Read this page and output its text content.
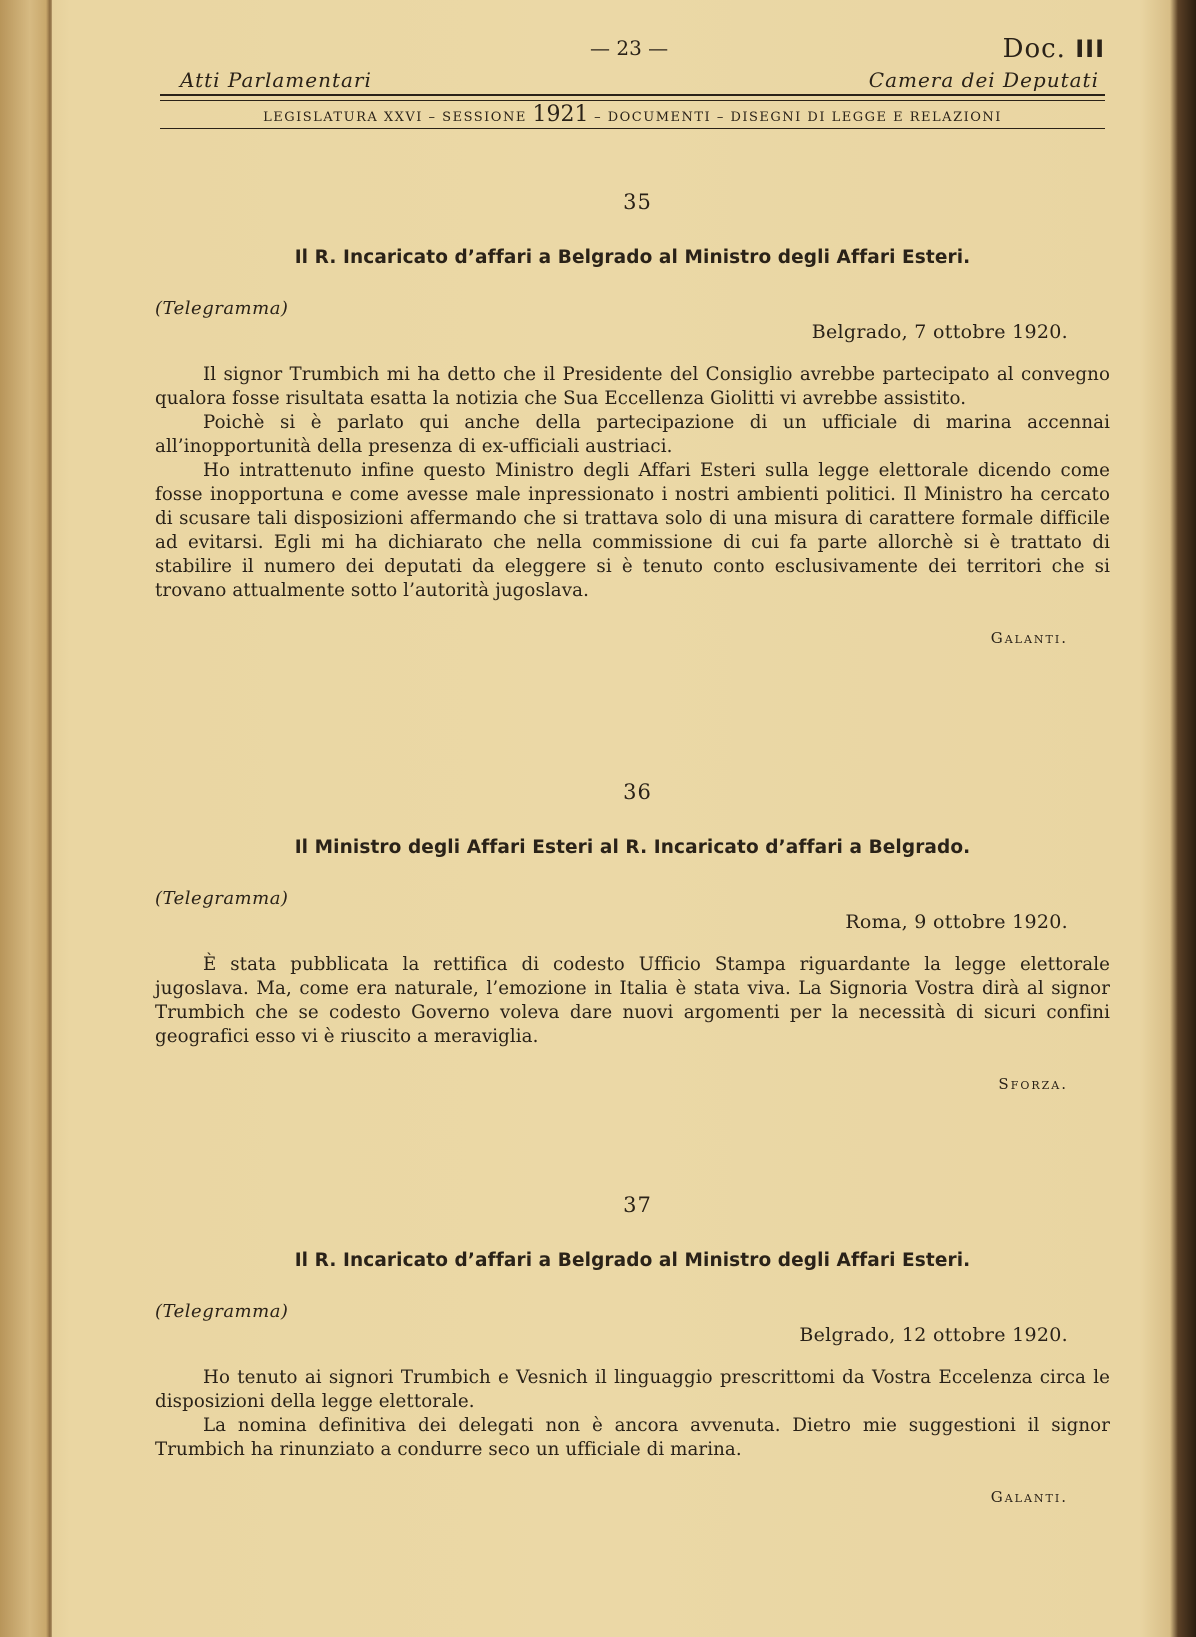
— 23 —	Doc. III
Atti Parlamentari	Camera dei Deputati
LEGISLATURA XXVI – SESSIONE 1921 – DOCUMENTI – DISEGNI DI LEGGE E RELAZIONI
35
Il R. Incaricato d’affari a Belgrado al Ministro degli Affari Esteri.
(Telegramma)
Belgrado, 7 ottobre 1920.

Il signor Trumbich mi ha detto che il Presidente del Consiglio avrebbe partecipato al convegno qualora fosse risultata esatta la notizia che Sua Eccellenza Giolitti vi avrebbe assistito.

Poichè si è parlato qui anche della partecipazione di un ufficiale di marina accennai all’inopportunità della presenza di ex-ufficiali austriaci.

Ho intrattenuto infine questo Ministro degli Affari Esteri sulla legge elettorale dicendo come fosse inopportuna e come avesse male inpressionato i nostri ambienti politici. Il Ministro ha cercato di scusare tali disposizioni affermando che si trattava solo di una misura di carattere formale difficile ad evitarsi. Egli mi ha dichiarato che nella commissione di cui fa parte allorchè si è trattato di stabilire il numero dei deputati da eleggere si è tenuto conto esclusivamente dei territori che si trovano attualmente sotto l’autorità jugoslava.

Galanti.
36
Il Ministro degli Affari Esteri al R. Incaricato d’affari a Belgrado.
(Telegramma)
Roma, 9 ottobre 1920.

È stata pubblicata la rettifica di codesto Ufficio Stampa riguardante la legge elettorale jugoslava. Ma, come era naturale, l’emozione in Italia è stata viva. La Signoria Vostra dirà al signor Trumbich che se codesto Governo voleva dare nuovi argomenti per la necessità di sicuri confini geografici esso vi è riuscito a meraviglia.

Sforza.
37
Il R. Incaricato d’affari a Belgrado al Ministro degli Affari Esteri.
(Telegramma)
Belgrado, 12 ottobre 1920.

Ho tenuto ai signori Trumbich e Vesnich il linguaggio prescrittomi da Vostra Eccelenza circa le disposizioni della legge elettorale.

La nomina definitiva dei delegati non è ancora avvenuta. Dietro mie suggestioni il signor Trumbich ha rinunziato a condurre seco un ufficiale di marina.

Galanti.
